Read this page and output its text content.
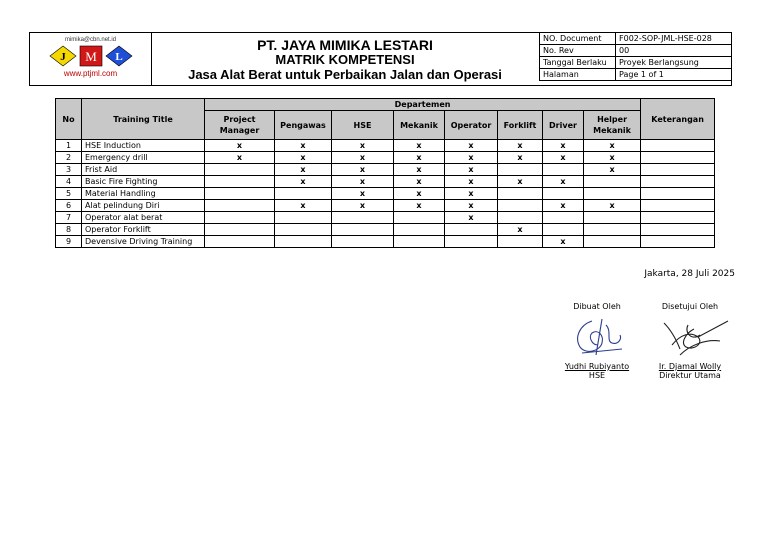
mimika@cbn.net.id
J M L
www.ptjml.com
PT. JAYA MIMIKA LESTARI
MATRIK KOMPETENSI
Jasa Alat Berat untuk Perbaikan Jalan dan Operasi
NO. Document	F002-SOP-JML-HSE-028
No. Rev	00
Tanggal Berlaku	Proyek Berlangsung
Halaman	Page 1 of 1
No	Training Title	Departemen								Keterangan
		Project Manager	Pengawas	HSE	Mekanik	Operator	Forklift	Driver	Helper Mekanik	
1	HSE Induction	x	x	x	x	x	x	x	x	
2	Emergency drill	x	x	x	x	x	x	x	x	
3	Frist Aid		x	x	x	x			x	
4	Basic Fire Fighting		x	x	x	x	x	x		
5	Material Handling			x	x	x				
6	Alat pelindung Diri		x	x	x	x		x	x	
7	Operator alat berat					x				
8	Operator Forklift						x			
9	Devensive Driving Training							x		
Jakarta, 28 Juli 2025
Dibuat Oleh
Yudhi Rubiyanto
HSE
Disetujui Oleh
Ir. Djamal Wolly
Direktur Utama
